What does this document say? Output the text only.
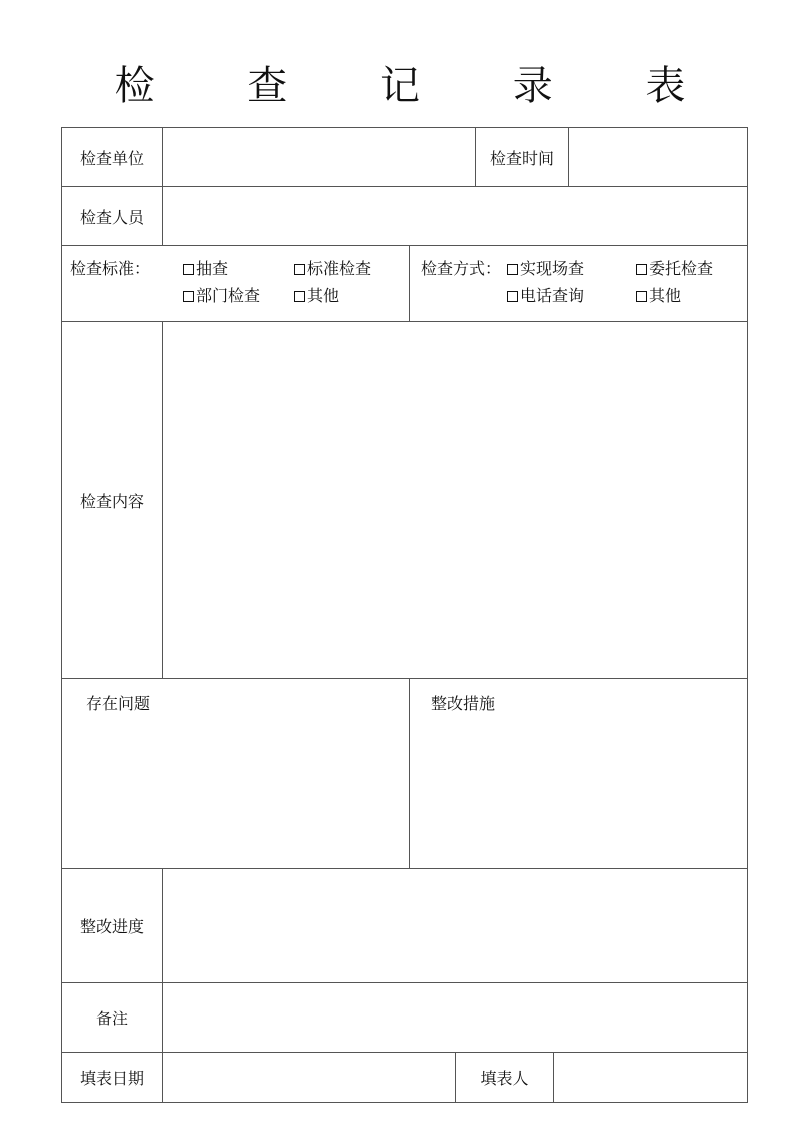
检 查 记 录 表
检查单位	检查时间
检查人员
检查标准：	抽查	标准检查
部门检查	其他
检查方式：	实现场查	委托检查
电话查询	其他
检查内容
存在问题	整改措施
整改进度
备注
填表日期	填表人
